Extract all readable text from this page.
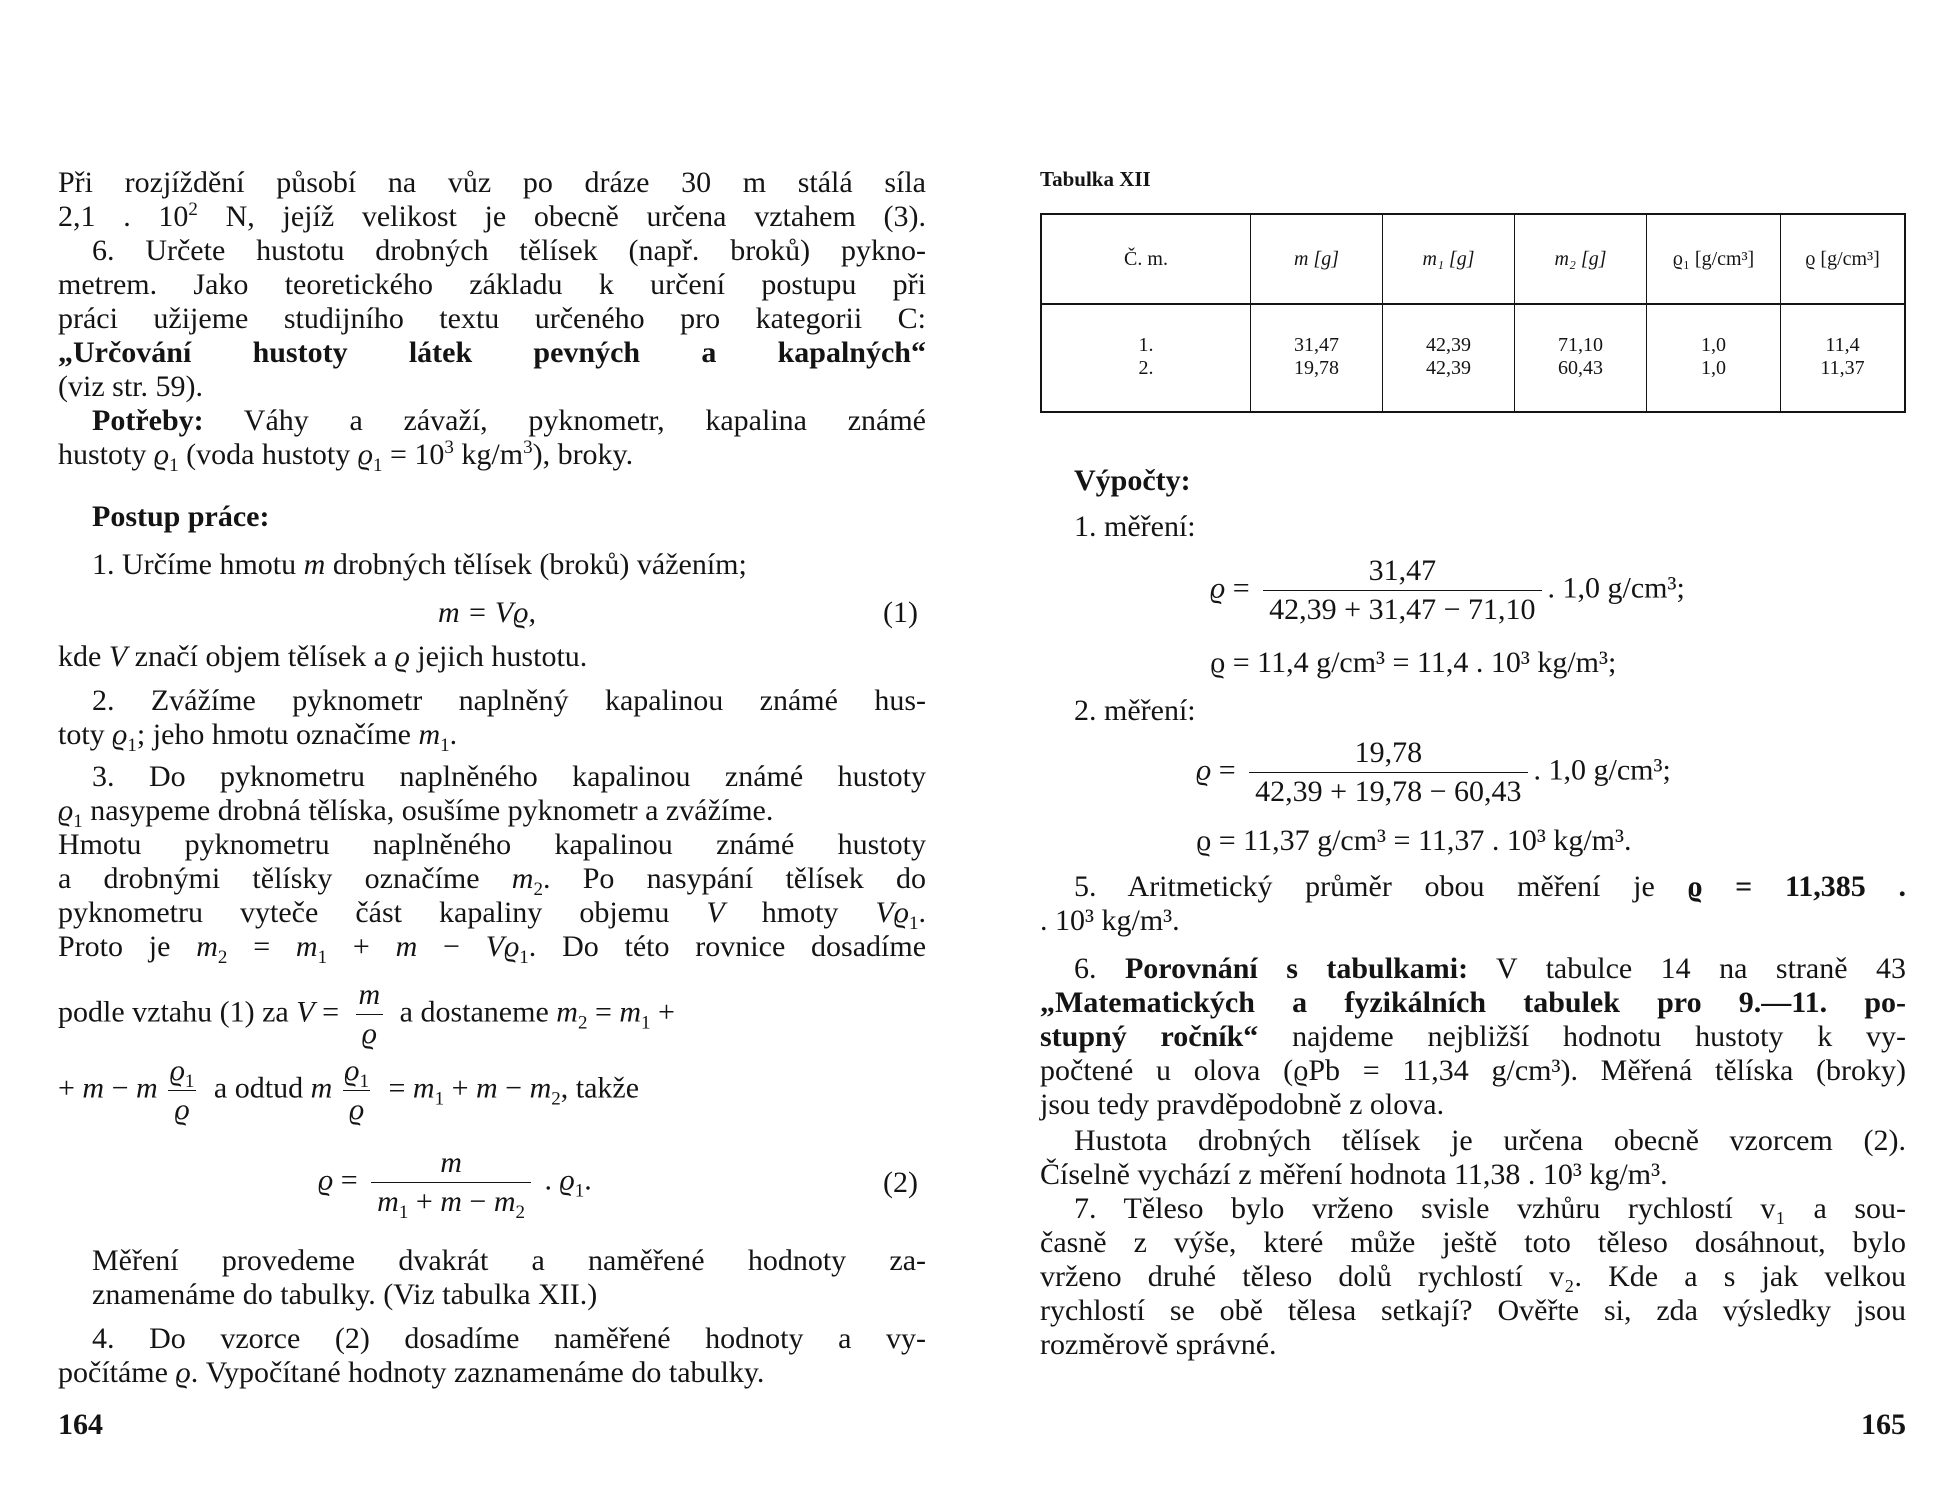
Při rozjíždění působí na vůz po dráze 30 m stálá síla
2,1 . $10^2$ N, jejíž velikost je obecně určena vztahem (3).
6. Určete hustotu drobných tělísek (např. broků) pykno-
metrem. Jako teoretického základu k určení postupu při
práci užijeme studijního textu určeného pro kategorii C:
„Určování hustoty látek pevných a kapalných“
(viz str. 59).
Potřeby: Váhy a závaží, pyknometr, kapalina známé
hustoty $ϱ_1$ (voda hustoty $ϱ_1 = 10^3$ $kg/m^3$), broky.
Postup práce:
1. Určíme hmotu m drobných tělísek (broků) vážením;
m = Vϱ,	(1)
kde V značí objem tělísek a ϱ jejich hustotu.
2. Zvážíme pyknometr naplněný kapalinou známé hus-
toty $ϱ_1$; jeho hmotu označíme $m_1$.
3. Do pyknometru naplněného kapalinou známé hustoty
$ϱ_1$ nasypeme drobná tělíska, osušíme pyknometr a zvážíme.
Hmotu pyknometru naplněného kapalinou známé hustoty
a drobnými tělísky označíme $m_2$. Po nasypání tělísek do
pyknometru vyteče část kapaliny objemu V hmoty $Vϱ_1$.
Proto je $m_2 = m_1 + m - Vϱ_1$. Do této rovnice dosadíme
podle vztahu (1) za $V = \frac{m}{ϱ}$ a dostaneme $m_2 = m_1$ +
+ m − m $\frac{ϱ_1}{ϱ}$ a odtud m $\frac{ϱ_1}{ϱ} = m_1 + m - m_2$, takže
$ϱ = \frac{m}{m_1 + m - m_2}$ . $ϱ_1$.	(2)
Měření provedeme dvakrát a naměřené hodnoty za-
znamenáme do tabulky. (Viz tabulka XII.)
4. Do vzorce (2) dosadíme naměřené hodnoty a vy-
počítáme ϱ. Vypočítané hodnoty zaznamenáme do tabulky.
164
Tabulka XII
Č. m.	m [g]	m₁ [g]	m₂ [g]	ϱ₁ [g/cm³]	ϱ [g/cm³]
1.	31,47	42,39	71,10	1,0	11,4
2.	19,78	42,39	60,43	1,0	11,37
Výpočty:
1. měření:
$ϱ = \frac{31,47}{42,39 + 31,47 - 71,10}$ . 1,0 g/cm³;
ϱ = 11,4 g/cm³ = 11,4 . 10³ kg/m³;
2. měření:
$ϱ = \frac{19,78}{42,39 + 19,78 - 60,43}$ . 1,0 g/cm³;
ϱ = 11,37 g/cm³ = 11,37 . 10³ kg/m³.
5. Aritmetický průměr obou měření je ϱ = 11,385 .
. 10³ kg/m³.
6. Porovnání s tabulkami: V tabulce 14 na straně 43
„Matematických a fyzikálních tabulek pro 9.—11. po-
stupný ročník“ najdeme nejbližší hodnotu hustoty k vy-
počtené u olova (ϱPb = 11,34 g/cm³). Měřená tělíska (broky)
jsou tedy pravděpodobně z olova.
Hustota drobných tělísek je určena obecně vzorcem (2).
Číselně vychází z měření hodnota 11,38 . 10³ kg/m³.
7. Těleso bylo vrženo svisle vzhůru rychlostí v₁ a sou-
časně z výše, které může ještě toto těleso dosáhnout, bylo
vrženo druhé těleso dolů rychlostí v₂. Kde a s jak velkou
rychlostí se obě tělesa setkají? Ověřte si, zda výsledky jsou
rozměrově správné.
165
